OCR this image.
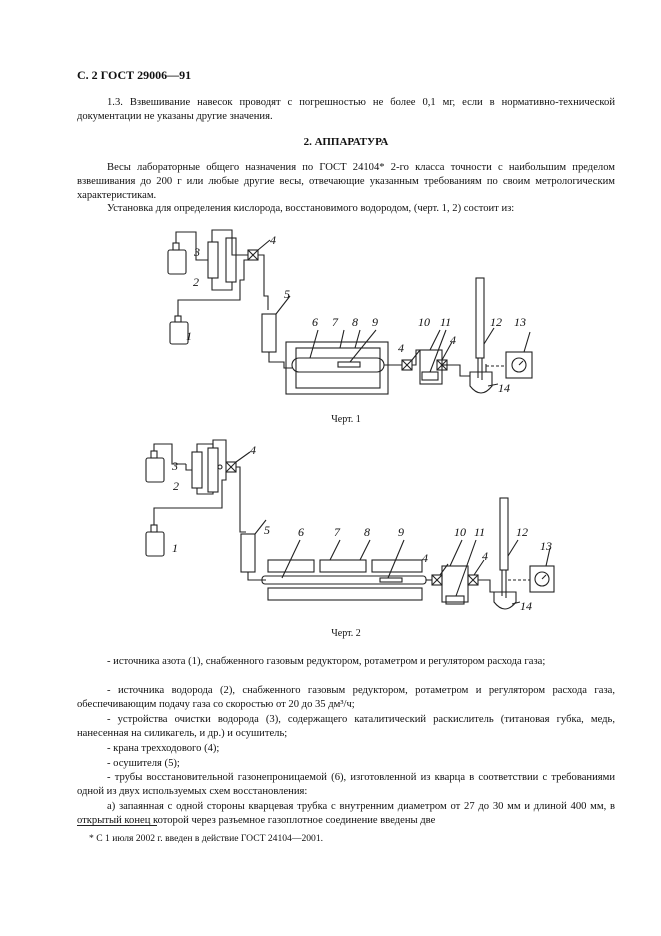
С. 2 ГОСТ 29006—91
1.3. Взвешивание навесок проводят с погрешностью не более 0,1 мг, если в нормативно-технической документации не указаны другие значения.
2. АППАРАТУРА
Весы лабораторные общего назначения по ГОСТ 24104* 2-го класса точности с наибольшим пределом взвешивания до 200 г или любые другие весы, отвечающие указанным требованиям по своим метрологическим характеристикам.
Установка для определения кислорода, восстановимого водородом, (черт. 1, 2) состоит из:
1
2
3
4
5
6 7 8 9
4
10 11
4
12 13
14
1
2
3
4
5 6	7 8 9
4
10 11
4
12
13
14
Черт. 1
Черт. 2
- источника азота (1), снабженного газовым редуктором, ротаметром и регулятором расхода газа;
- источника водорода (2), снабженного газовым редуктором, ротаметром и регулятором расхода газа, обеспечивающим подачу газа со скоростью от 20 до 35 дм³/ч;
- устройства очистки водорода (3), содержащего каталитический раскислитель (титановая губка, медь, нанесенная на силикагель, и др.) и осушитель;
- крана трехходового (4);
- осушителя (5);
- трубы восстановительной газонепроницаемой (6), изготовленной из кварца в соответствии с требованиями одной из двух используемых схем восстановления:
а) запаянная с одной стороны кварцевая трубка с внутренним диаметром от 27 до 30 мм и длиной 400 мм, в открытый конец которой через разъемное газоплотное соединение введены две
* С 1 июля 2002 г. введен в действие ГОСТ 24104—2001.
